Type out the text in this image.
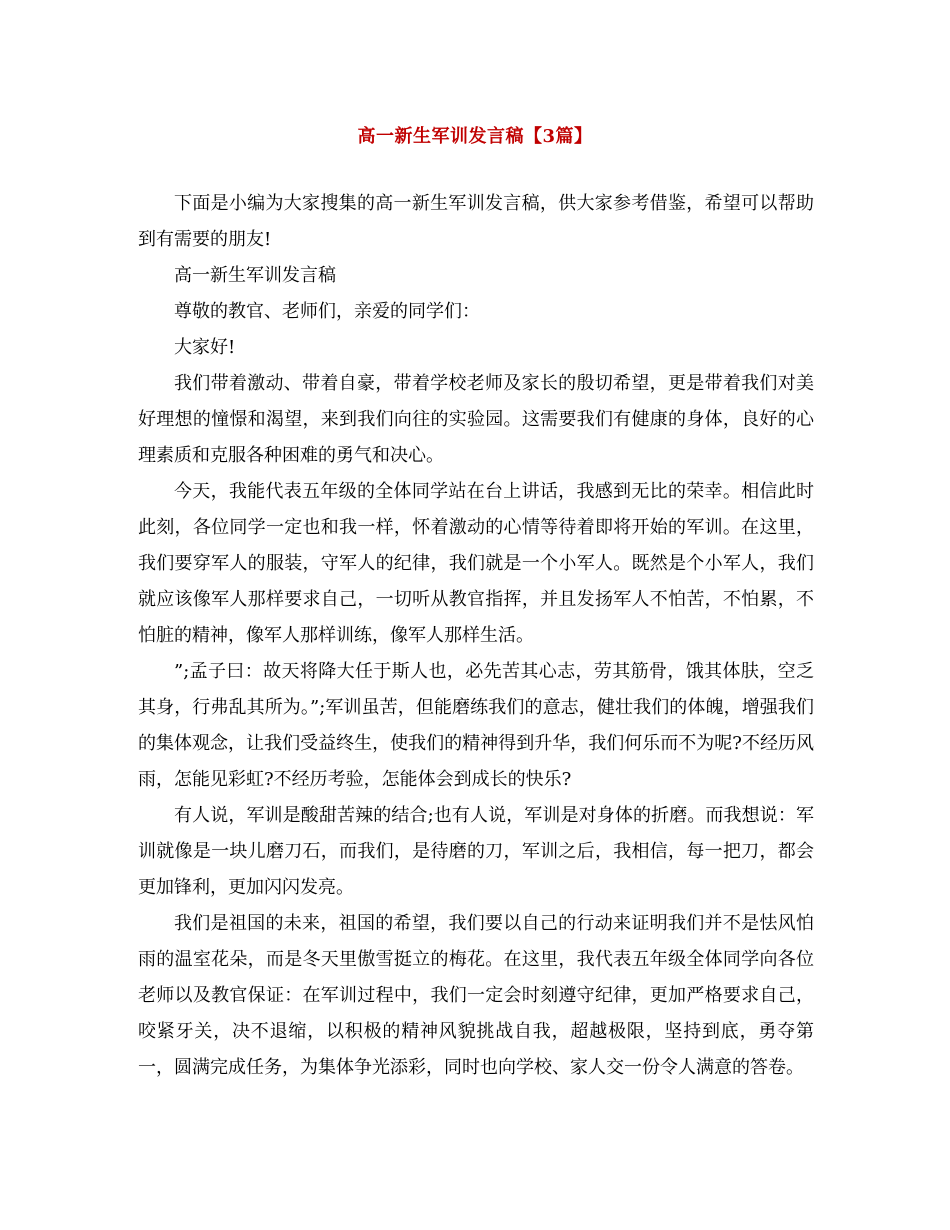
高一新生军训发言稿【3篇】

下面是小编为大家搜集的高一新生军训发言稿，供大家参考借鉴，希望可以帮助到有需要的朋友!

高一新生军训发言稿

尊敬的教官、老师们，亲爱的同学们：

大家好!

我们带着激动、带着自豪，带着学校老师及家长的殷切希望，更是带着我们对美好理想的憧憬和渴望，来到我们向往的实验园。这需要我们有健康的身体，良好的心理素质和克服各种困难的勇气和决心。

今天，我能代表五年级的全体同学站在台上讲话，我感到无比的荣幸。相信此时此刻，各位同学一定也和我一样，怀着激动的心情等待着即将开始的军训。在这里，我们要穿军人的服装，守军人的纪律，我们就是一个小军人。既然是个小军人，我们就应该像军人那样要求自己，一切听从教官指挥，并且发扬军人不怕苦，不怕累，不怕脏的精神，像军人那样训练，像军人那样生活。

”;孟子曰：故天将降大任于斯人也，必先苦其心志，劳其筋骨，饿其体肤，空乏其身，行弗乱其所为。”;军训虽苦，但能磨练我们的意志，健壮我们的体魄，增强我们的集体观念，让我们受益终生，使我们的精神得到升华，我们何乐而不为呢?不经历风雨，怎能见彩虹?不经历考验，怎能体会到成长的快乐?

有人说，军训是酸甜苦辣的结合;也有人说，军训是对身体的折磨。而我想说：军训就像是一块儿磨刀石，而我们，是待磨的刀，军训之后，我相信，每一把刀，都会更加锋利，更加闪闪发亮。

我们是祖国的未来，祖国的希望，我们要以自己的行动来证明我们并不是怯风怕雨的温室花朵，而是冬天里傲雪挺立的梅花。在这里，我代表五年级全体同学向各位老师以及教官保证：在军训过程中，我们一定会时刻遵守纪律，更加严格要求自己，咬紧牙关，决不退缩，以积极的精神风貌挑战自我，超越极限，坚持到底，勇夺第一，圆满完成任务，为集体争光添彩，同时也向学校、家人交一份令人满意的答卷。
